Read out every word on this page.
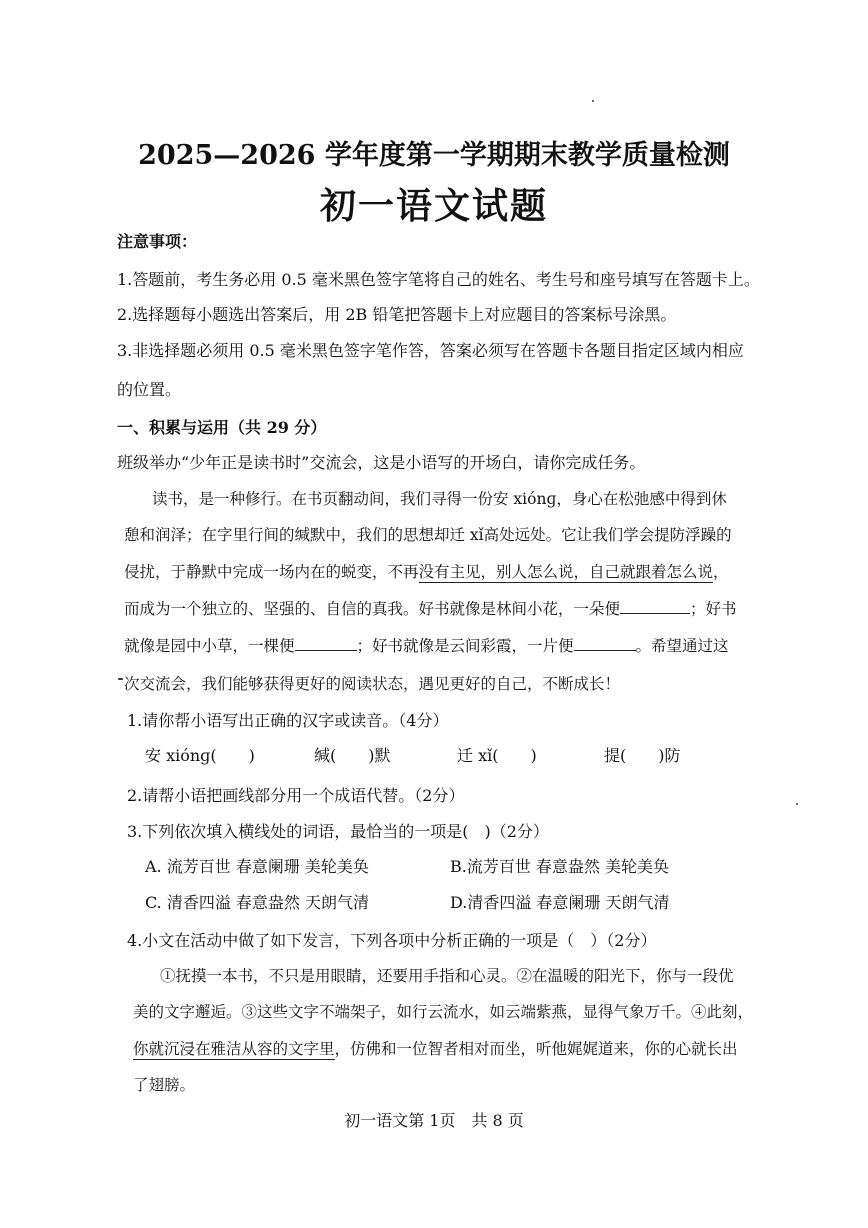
2025—2026 学年度第一学期期末教学质量检测
初一语文试题
注意事项：
1.答题前，考生务必用 0.5 毫米黑色签字笔将自己的姓名、考生号和座号填写在答题卡上。
2.选择题每小题选出答案后，用 2B 铅笔把答题卡上对应题目的答案标号涂黑。
3.非选择题必须用 0.5 毫米黑色签字笔作答，答案必须写在答题卡各题目指定区域内相应
的位置。
一、积累与运用（共 29 分）
班级举办“少年正是读书时”交流会，这是小语写的开场白，请你完成任务。
读书，是一种修行。在书页翻动间，我们寻得一份安 xiónɡ，身心在松弛感中得到休
憩和润泽；在字里行间的缄默中，我们的思想却迁 xǐ高处远处。它让我们学会提防浮躁的
侵扰，于静默中完成一场内在的蜕变，不再没有主见，别人怎么说，自己就跟着怎么说，
而成为一个独立的、坚强的、自信的真我。好书就像是林间小花，一朵便	；好书
就像是园中小草，一棵便	；好书就像是云间彩霞，一片便	。希望通过这
次交流会，我们能够获得更好的阅读状态，遇见更好的自己，不断成长！
1.请你帮小语写出正确的汉字或读音。（4分）
安 xiónɡ(　　)	缄(　　)默	迁 xǐ(　　)	提(　　)防
2.请帮小语把画线部分用一个成语代替。（2分）
3.下列依次填入横线处的词语，最恰当的一项是(　)（2分）
A. 流芳百世 春意阑珊 美轮美奂	B.流芳百世 春意盎然 美轮美奂
C. 清香四溢 春意盎然 天朗气清	D.清香四溢 春意阑珊 天朗气清
4.小文在活动中做了如下发言，下列各项中分析正确的一项是（　）（2分）
①抚摸一本书，不只是用眼睛，还要用手指和心灵。②在温暖的阳光下，你与一段优
美的文字邂逅。③这些文字不端架子，如行云流水，如云端紫燕，显得气象万千。④此刻，
你就沉浸在雅洁从容的文字里，仿佛和一位智者相对而坐，听他娓娓道来，你的心就长出
了翅膀。
初一语文第 1页　共 8 页
